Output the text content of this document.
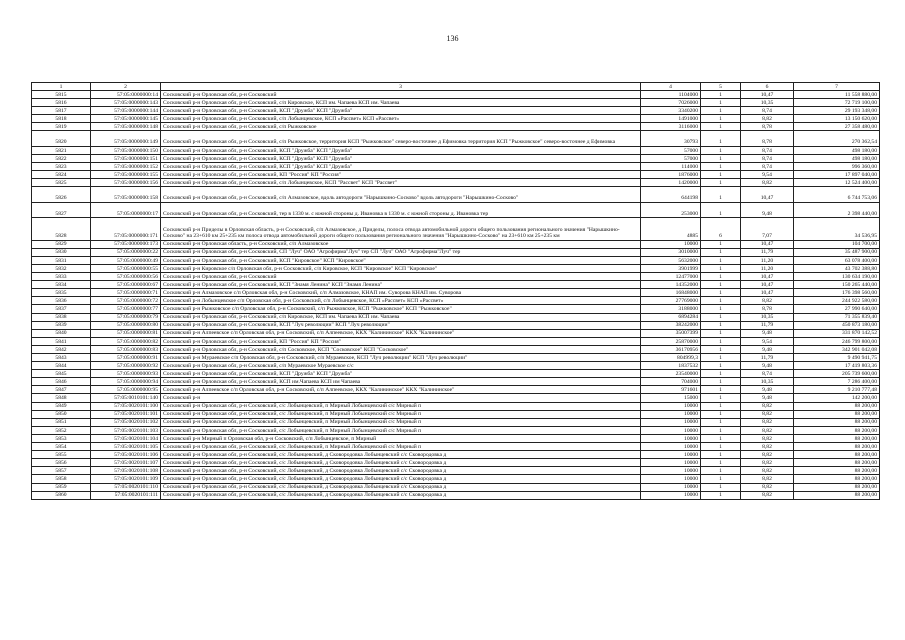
136
1	2	3	4	5	6	7
5815	57:05:0000000:14	Сосковский р-н Орловская обл, р-н Сосковский	1104000	1	10,47	11 558 880,00
5816	57:05:0000000:143	Сосковский р-н Орловская обл, р-н Сосковский, с/п Кировское, КСП им. Чапаева КСП им. Чапаева	7026000	1	10,35	72 719 100,00
5817	57:05:0000000:144	Сосковский р-н Орловская обл, р-н Сосковский, КСП "Дружба" КСП "Дружба"	3340200	1	8,74	29 193 348,00
5818	57:05:0000000:145	Сосковский р-н Орловская обл, р-н Сосковский, с/п Лобынцевское, КСП «Рассвет» КСП «Рассвет»	1491000	1	8,82	13 150 620,00
5819	57:05:0000000:148	Сосковский р-н Орловская обл, р-н Сосковский, с/п Рыжковское	3116000	1	8,78	27 358 480,00
5820	57:05:0000000:149	Сосковский р-н Орловская обл, р-н Сосковский, с/п Рыжковское, территория КСП "Рыжковское" северо-восточнее д Ефимовка территория КСП "Рыжковское" северо-восточнее д Ефимовка	30793	1	8,78	270 362,54
5821	57:05:0000000:150	Сосковский р-н Орловская обл, р-н Сосковский, КСП "Дружба" КСП "Дружба"	57000	1	8,74	498 180,00
5822	57:05:0000000:151	Сосковский р-н Орловская обл, р-н Сосковский, КСП "Дружба" КСП "Дружба"	57000	1	8,74	498 180,00
5823	57:05:0000000:152	Сосковский р-н Орловская обл, р-н Сосковский, КСП "Дружба" КСП "Дружба"	114000	1	8,74	996 360,00
5824	57:05:0000000:155	Сосковский р-н Орловская обл, р-н Сосковский, КП "Россия" КП "Россия"	1876000	1	9,54	17 897 040,00
5825	57:05:0000000:156	Сосковский р-н Орловская обл, р-н Сосковский, с/п Лобынцевское, КСП "Рассвет" КСП "Рассвет"	1420000	1	8,82	12 524 400,00
5826	57:05:0000000:158	Сосковский р-н Орловская обл, р-н Сосковский, с/п Алмазовское, вдоль автодороги "Нарышкино-Сосково" вдоль автодороги "Нарышкино-Сосково"	644198	1	10,47	6 744 753,06
5827	57:05:0000000:17	Сосковский р-н Орловская обл, р-н Сосковский, тер в 1330 м. с южной стороны д. Ивановка в 1330 м. с южной стороны д. Ивановка тер	253000	1	9,48	2 398 440,00
5828	57:05:0000000:171	Сосковский р-н Приделы в Орловская область, р-н Сосковский, с/п Алмазовское, д Приделы, полоса отвода автомобильной дороги общего пользования регионального значения "Нарышкино-Сосково" на 23+610 км 25+235 км полоса отвода автомобильной дороги общего пользования регионального значения "Нарышкино-Сосково" на 23+610 км 25+235 км	4885	6	7,07	34 536,95
5829	57:05:0000000:173	Сосковский р-н Орловская область, р-н Сосковский, с/п Алмазовское	10000	1	10,47	104 700,00
5830	57:05:0000000:22	Сосковский р-н Орловская обл, р-н Сосковский, СП "Луч" ОАО "Агрофирма"Луч" тер СП "Луч" ОАО "Агрофирма"Луч" тер	3010000	1	11,79	35 487 900,00
5831	57:05:0000000:49	Сосковский р-н Орловская обл, р-н Сосковский, КСП "Кировское" КСП "Кировское"	5632000	1	11,20	63 078 400,00
5832	57:05:0000000:55	Сосковский р-н Кировское с/п Орловская обл, р-н Сосковский, с/п Кировское, КСП "Кировское" КСП "Кировское"	3901999	1	11,20	43 702 388,80
5833	57:05:0000000:56	Сосковский р-н Орловская обл, р-н Сосковский	12477000	1	10,47	130 634 190,00
5834	57:05:0000000:67	Сосковский р-н Орловская обл, р-н Сосковский, КСП "Знамя Ленина" КСП "Знамя Ленина"	14352000	1	10,47	150 265 440,00
5835	57:05:0000000:71	Сосковский р-н Алмазовское с/п Орловская обл, р-н Сосковский, с/п Алмазовское, КНАП им. Суворова КНАП им. Суворова	16848000	1	10,47	176 398 560,00
5836	57:05:0000000:72	Сосковский р-н Лобынцевское с/п Орловская обл, р-н Сосковский, с/п Лобынцевское, КСП «Рассвет» КСП «Рассвет»	27769000	1	8,82	244 922 580,00
5837	57:05:0000000:77	Сосковский р-н Рыжковское с/п Орловская обл, р-н Сосковский, с/п Рыжковское, КСП "Рыжковское" КСП "Рыжковское"	3188000	1	8,78	27 990 640,00
5838	57:05:0000000:79	Сосковский р-н Орловская обл, р-н Сосковский, с/п Кировское, КСП им. Чапаева КСП им. Чапаева	6894284	1	10,35	71 355 839,40
5839	57:05:0000000:80	Сосковский р-н Орловская обл, р-н Сосковский, КСП "Луч революции" КСП "Луч революции"	38242000	1	11,79	450 873 180,00
5840	57:05:0000000:81	Сосковский р-н Алпеевское с/п Орловская обл, р-н Сосковский, с/п Алпеевское, ККХ "Калининское" ККХ "Калининское"	35007399	1	9,48	331 870 142,52
5841	57:05:0000000:82	Сосковский р-н Орловская обл, р-н Сосковский, КП "Россия" КП "Россия"	25870000	1	9,54	246 799 800,00
5842	57:05:0000000:83	Сосковский р-н Орловская обл, р-н Сосковский, с/п Сосковское, КСП "Сосковское" КСП "Сосковское"	36170956	1	9,48	342 901 042,08
5843	57:05:0000000:91	Сосковский р-н Мураевское с/п Орловская обл, р-н Сосковский, с/п Мураевское, КСП "Луч революции" КСП "Луч революции"	804999,3	1	11,79	9 490 941,75
5844	57:05:0000000:92	Сосковский р-н Орловская обл, р-н Сосковский, с/п Мураевское Мураевское с/с	1837532	1	9,48	17 419 803,36
5845	57:05:0000000:93	Сосковский р-н Орловская обл, р-н Сосковский, КСП "Дружба" КСП "Дружба"	23540000	1	8,74	205 739 600,00
5846	57:05:0000000:94	Сосковский р-н Орловская обл, р-н Сосковский, КСП им.Чапаева КСП им Чапаева	704000	1	10,35	7 286 400,00
5847	57:05:0000000:95	Сосковский р-н Алпеевское с/п Орловская обл, р-н Сосковский, с/п Алпеевское, ККХ "Калининское" ККХ "Калининское"	971601	1	9,48	9 210 777,48
5848	57:05:0010101:140	Сосковский р-н	15000	1	9,48	142 200,00
5849	57:05:0020101:100	Сосковский р-н Орловская обл, р-н Сосковский, с/с Лобынцевский, п Мирный Лобынцевский с/с Мирный п	10000	1	8,82	88 200,00
5850	57:05:0020101:101	Сосковский р-н Орловская обл, р-н Сосковский, с/с Лобынцевский, п Мирный Лобынцевский с/с Мирный п	10000	1	8,82	88 200,00
5851	57:05:0020101:102	Сосковский р-н Орловская обл, р-н Сосковский, с/с Лобынцевский, п Мирный Лобынцевский с/с Мирный п	10000	1	8,82	88 200,00
5852	57:05:0020101:103	Сосковский р-н Орловская обл, р-н Сосковский, с/с Лобынцевский, п Мирный Лобынцевский с/с Мирный п	10000	1	8,82	88 200,00
5853	57:05:0020101:104	Сосковский р-н Мирный п Орловская обл, р-н Сосковский, с/п Лобынцевское, п Мирный	10000	1	8,82	88 200,00
5854	57:05:0020101:105	Сосковский р-н Орловская обл, р-н Сосковский, с/с Лобынцевский, п Мирный Лобынцевский с/с Мирный п	10000	1	8,82	88 200,00
5855	57:05:0020101:106	Сосковский р-н Орловская обл, р-н Сосковский, с/с Лобынцевский, д Сковородовка Лобынцевский с/с Сковородовка д	10000	1	8,82	88 200,00
5856	57:05:0020101:107	Сосковский р-н Орловская обл, р-н Сосковский, с/с Лобынцевский, д Сковородовка Лобынцевский с/с Сковородовка д	10000	1	8,82	88 200,00
5857	57:05:0020101:108	Сосковский р-н Орловская обл, р-н Сосковский, с/с Лобынцевский, д Сковородовка Лобынцевский с/с Сковородовка д	10000	1	8,82	88 200,00
5858	57:05:0020101:109	Сосковский р-н Орловская обл, р-н Сосковский, с/с Лобынцевский, д Сковородовка Лобынцевский с/с Сковородовка д	10000	1	8,82	88 200,00
5859	57:05:0020101:110	Сосковский р-н Орловская обл, р-н Сосковский, с/с Лобынцевский, д Сковородовка Лобынцевский с/с Сковородовка д	10000	1	8,82	88 200,00
5860	57:05:0020101:111	Сосковский р-н Орловская обл, р-н Сосковский, с/с Лобынцевский, д Сковородовка Лобынцевский с/с Сковородовка д	10000	1	8,82	88 200,00
